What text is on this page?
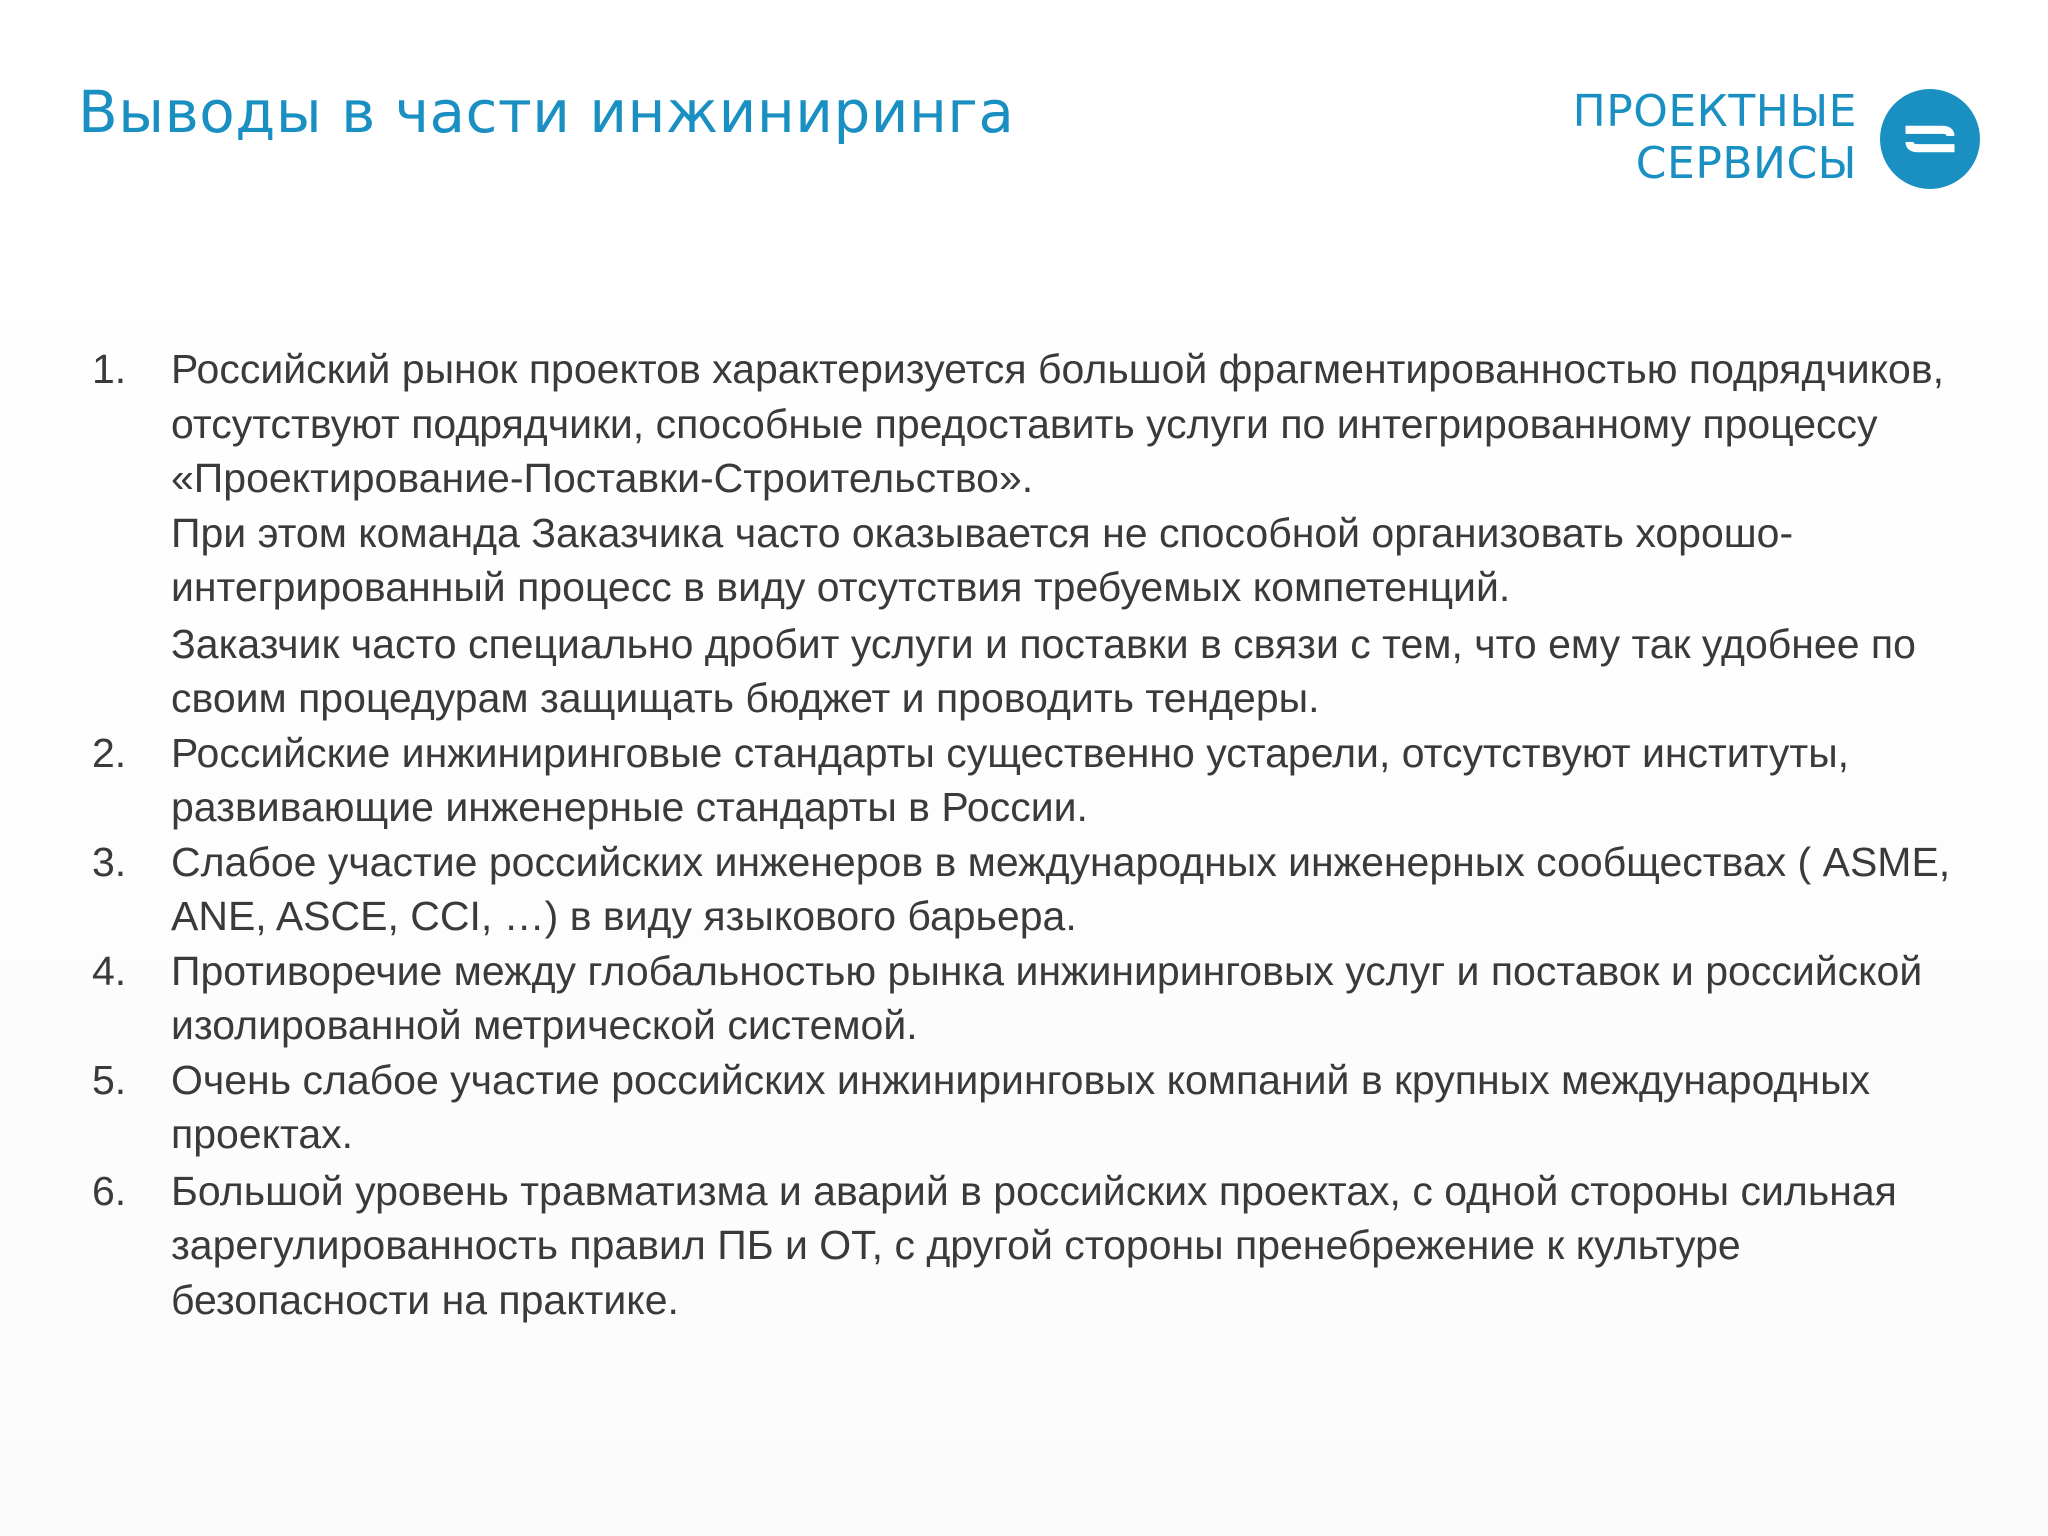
Выводы в части инжиниринга	ПРОЕКТНЫЕ
СЕРВИСЫ
1. Российский рынок проектов характеризуется большой фрагментированностью подрядчиков, отсутствуют подрядчики, способные предоставить услуги по интегрированному процессу «Проектирование-Поставки-Строительство».
При этом команда Заказчика часто оказывается не способной организовать хорошо-интегрированный процесс в виду отсутствия требуемых компетенций.
Заказчик часто специально дробит услуги и поставки в связи с тем, что ему так удобнее по своим процедурам защищать бюджет и проводить тендеры.
2. Российские инжиниринговые стандарты существенно устарели, отсутствуют институты, развивающие инженерные стандарты в России.
3. Слабое участие российских инженеров в международных инженерных сообществах ( ASME, ANE, ASCE, CCI, …) в виду языкового барьера.
4. Противоречие между глобальностью рынка инжиниринговых услуг и поставок и российской изолированной метрической системой.
5. Очень слабое участие российских инжиниринговых компаний в крупных международных проектах.
6. Большой уровень травматизма и аварий в российских проектах, с одной стороны сильная зарегулированность правил ПБ и ОТ, с другой стороны пренебрежение к культуре безопасности на практике.
